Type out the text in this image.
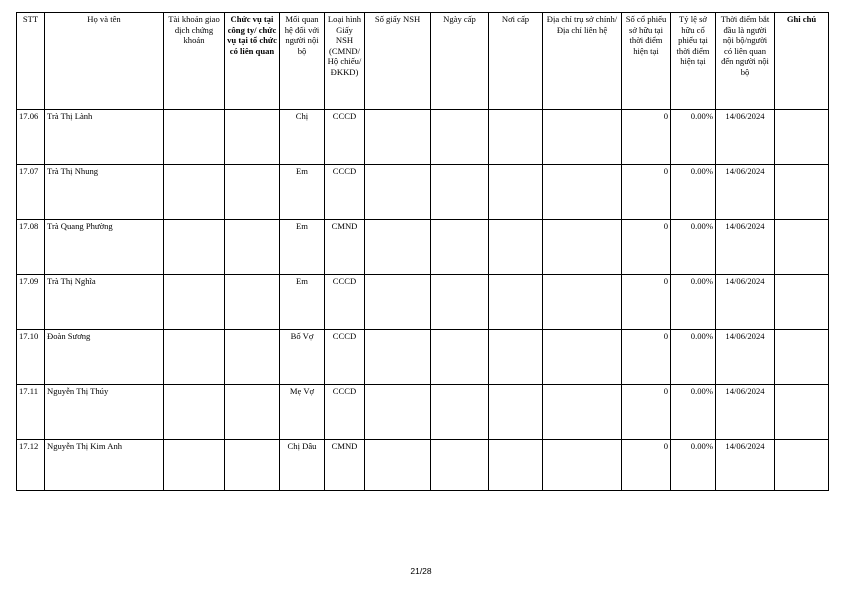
STT	Họ và tên	Tài khoản giao dịch chứng khoán	Chức vụ tại công ty/ chức vụ tại tổ chức có liên quan	Mối quan hệ đối với người nội bộ	Loại hình Giấy NSH (CMND/ Hộ chiếu/ ĐKKD)	Số giấy NSH	Ngày cấp	Nơi cấp	Địa chỉ trụ sở chính/Địa chỉ liên hệ	Số cổ phiếu sở hữu tại thời điểm hiện tại	Tỷ lệ sở hữu cổ phiếu tại thời điểm hiện tại	Thời điểm bắt đầu là người nội bộ/người có liên quan đến người nội bộ	Ghi chú
17.06	Trà Thị Lành			Chị	CCCD					0	0.00%	14/06/2024	
17.07	Trà Thị Nhung			Em	CCCD					0	0.00%	14/06/2024	
17.08	Trà Quang Phường			Em	CMND					0	0.00%	14/06/2024	
17.09	Trà Thị Nghĩa			Em	CCCD					0	0.00%	14/06/2024	
17.10	Đoàn Sương			Bố Vợ	CCCD					0	0.00%	14/06/2024	
17.11	Nguyễn Thị Thúy			Mẹ Vợ	CCCD					0	0.00%	14/06/2024	
17.12	Nguyễn Thị Kim Anh			Chị Dâu	CMND					0	0.00%	14/06/2024	
21/28
